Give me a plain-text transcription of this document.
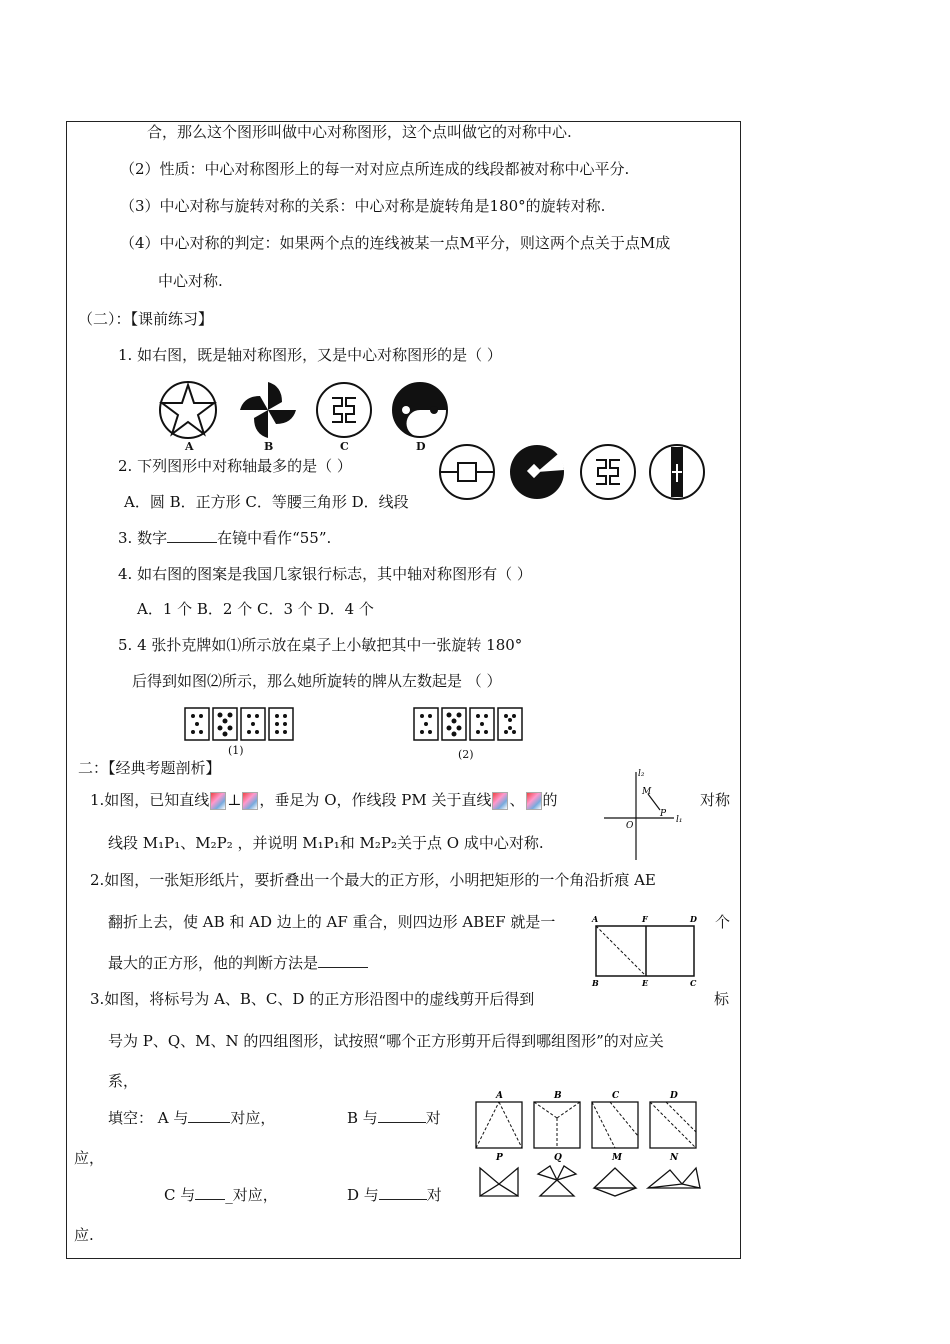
合，那么这个图形叫做中心对称图形，这个点叫做它的对称中心.
（2）性质：中心对称图形上的每一对对应点所连成的线段都被对称中心平分.
（3）中心对称与旋转对称的关系：中心对称是旋转角是180°的旋转对称.
（4）中心对称的判定：如果两个点的连线被某一点M平分，则这两个点关于点M成
中心对称.
（二）：【课前练习】
1. 如右图，既是轴对称图形，又是中心对称图形的是（ ）
A	B	C	D
2. 下列图形中对称轴最多的是（ ）
A．圆 B．正方形 C．等腰三角形 D．线段
3. 数字	在镜中看作“55”.
4. 如右图的图案是我国几家银行标志，其中轴对称图形有（ ）
A．1 个 B．2 个 C．3 个 D．4 个
5. 4 张扑克牌如⑴所示放在桌子上小敏把其中一张旋转 180°
后得到如图⑵所示，那么她所旋转的牌从左数起是 （ ）
(1)	(2)
二：【经典考题剖析】
1.如图，已知直线 ⊥ ，垂足为 O，作线段 PM 关于直线 、 的	对称
线段 M₁P₁、M₂P₂ ，并说明 M₁P₁和 M₂P₂关于点 O 成中心对称.
l₂
l₁
M
P
O
2.如图，一张矩形纸片，要折叠出一个最大的正方形，小明把矩形的一个角沿折痕 AE
翻折上去，使 AB 和 AD 边上的 AF 重合，则四边形 ABEF 就是一	个
最大的正方形，他的判断方法是
A	F	D
B	E	C
3.如图，将标号为 A、B、C、D 的正方形沿图中的虚线剪开后得到	标
号为 P、Q、M、N 的四组图形，试按照“哪个正方形剪开后得到哪组图形”的对应关
系，
填空： A 与	对应，	B 与	对
应，
C 与 _对应，	D 与	对
应.
A	B	C	D
P	Q	M	N
